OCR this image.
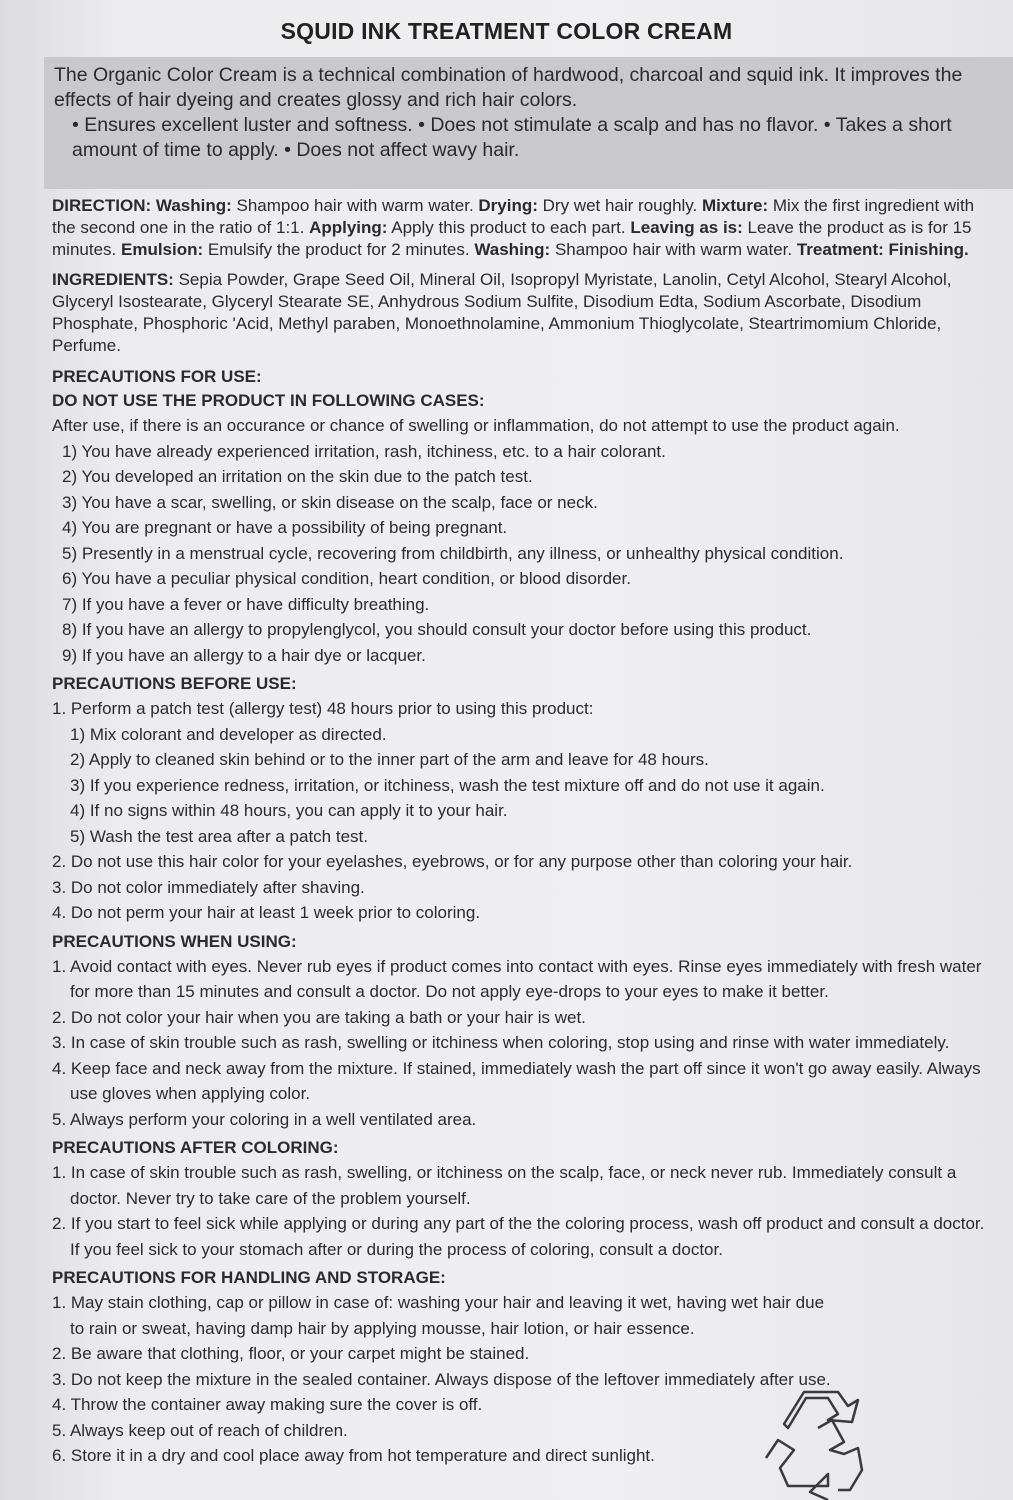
SQUID INK TREATMENT COLOR CREAM

The Organic Color Cream is a technical combination of hardwood, charcoal and squid ink. It improves the effects of hair dyeing and creates glossy and rich hair colors.

• Ensures excellent luster and softness. • Does not stimulate a scalp and has no flavor. • Takes a short amount of time to apply. • Does not affect wavy hair.

DIRECTION: Washing: Shampoo hair with warm water. Drying: Dry wet hair roughly. Mixture: Mix the first ingredient with the second one in the ratio of 1:1. Applying: Apply this product to each part. Leaving as is: Leave the product as is for 15 minutes. Emulsion: Emulsify the product for 2 minutes. Washing: Shampoo hair with warm water. Treatment: Finishing.

INGREDIENTS: Sepia Powder, Grape Seed Oil, Mineral Oil, Isopropyl Myristate, Lanolin, Cetyl Alcohol, Stearyl Alcohol, Glyceryl Isostearate, Glyceryl Stearate SE, Anhydrous Sodium Sulfite, Disodium Edta, Sodium Ascorbate, Disodium Phosphate, Phosphoric 'Acid, Methyl paraben, Monoethnolamine, Ammonium Thioglycolate, Steartrimomium Chloride, Perfume.

PRECAUTIONS FOR USE:

DO NOT USE THE PRODUCT IN FOLLOWING CASES:

After use, if there is an occurance or chance of swelling or inflammation, do not attempt to use the product again.

1) You have already experienced irritation, rash, itchiness, etc. to a hair colorant.

2) You developed an irritation on the skin due to the patch test.

3) You have a scar, swelling, or skin disease on the scalp, face or neck.

4) You are pregnant or have a possibility of being pregnant.

5) Presently in a menstrual cycle, recovering from childbirth, any illness, or unhealthy physical condition.

6) You have a peculiar physical condition, heart condition, or blood disorder.

7) If you have a fever or have difficulty breathing.

8) If you have an allergy to propylenglycol, you should consult your doctor before using this product.

9) If you have an allergy to a hair dye or lacquer.

PRECAUTIONS BEFORE USE:

1. Perform a patch test (allergy test) 48 hours prior to using this product:

1) Mix colorant and developer as directed.

2) Apply to cleaned skin behind or to the inner part of the arm and leave for 48 hours.

3) If you experience redness, irritation, or itchiness, wash the test mixture off and do not use it again.

4) If no signs within 48 hours, you can apply it to your hair.

5) Wash the test area after a patch test.

2. Do not use this hair color for your eyelashes, eyebrows, or for any purpose other than coloring your hair.

3. Do not color immediately after shaving.

4. Do not perm your hair at least 1 week prior to coloring.

PRECAUTIONS WHEN USING:

1. Avoid contact with eyes. Never rub eyes if product comes into contact with eyes. Rinse eyes immediately with fresh water

for more than 15 minutes and consult a doctor. Do not apply eye-drops to your eyes to make it better.

2. Do not color your hair when you are taking a bath or your hair is wet.

3. In case of skin trouble such as rash, swelling or itchiness when coloring, stop using and rinse with water immediately.

4. Keep face and neck away from the mixture. If stained, immediately wash the part off since it won't go away easily. Always

use gloves when applying color.

5. Always perform your coloring in a well ventilated area.

PRECAUTIONS AFTER COLORING:

1. In case of skin trouble such as rash, swelling, or itchiness on the scalp, face, or neck never rub. Immediately consult a

doctor. Never try to take care of the problem yourself.

2. If you start to feel sick while applying or during any part of the the coloring process, wash off product and consult a doctor.

If you feel sick to your stomach after or during the process of coloring, consult a doctor.

PRECAUTIONS FOR HANDLING AND STORAGE:

1. May stain clothing, cap or pillow in case of: washing your hair and leaving it wet, having wet hair due

to rain or sweat, having damp hair by applying mousse, hair lotion, or hair essence.

2. Be aware that clothing, floor, or your carpet might be stained.

3. Do not keep the mixture in the sealed container. Always dispose of the leftover immediately after use.

4. Throw the container away making sure the cover is off.

5. Always keep out of reach of children.

6. Store it in a dry and cool place away from hot temperature and direct sunlight.
